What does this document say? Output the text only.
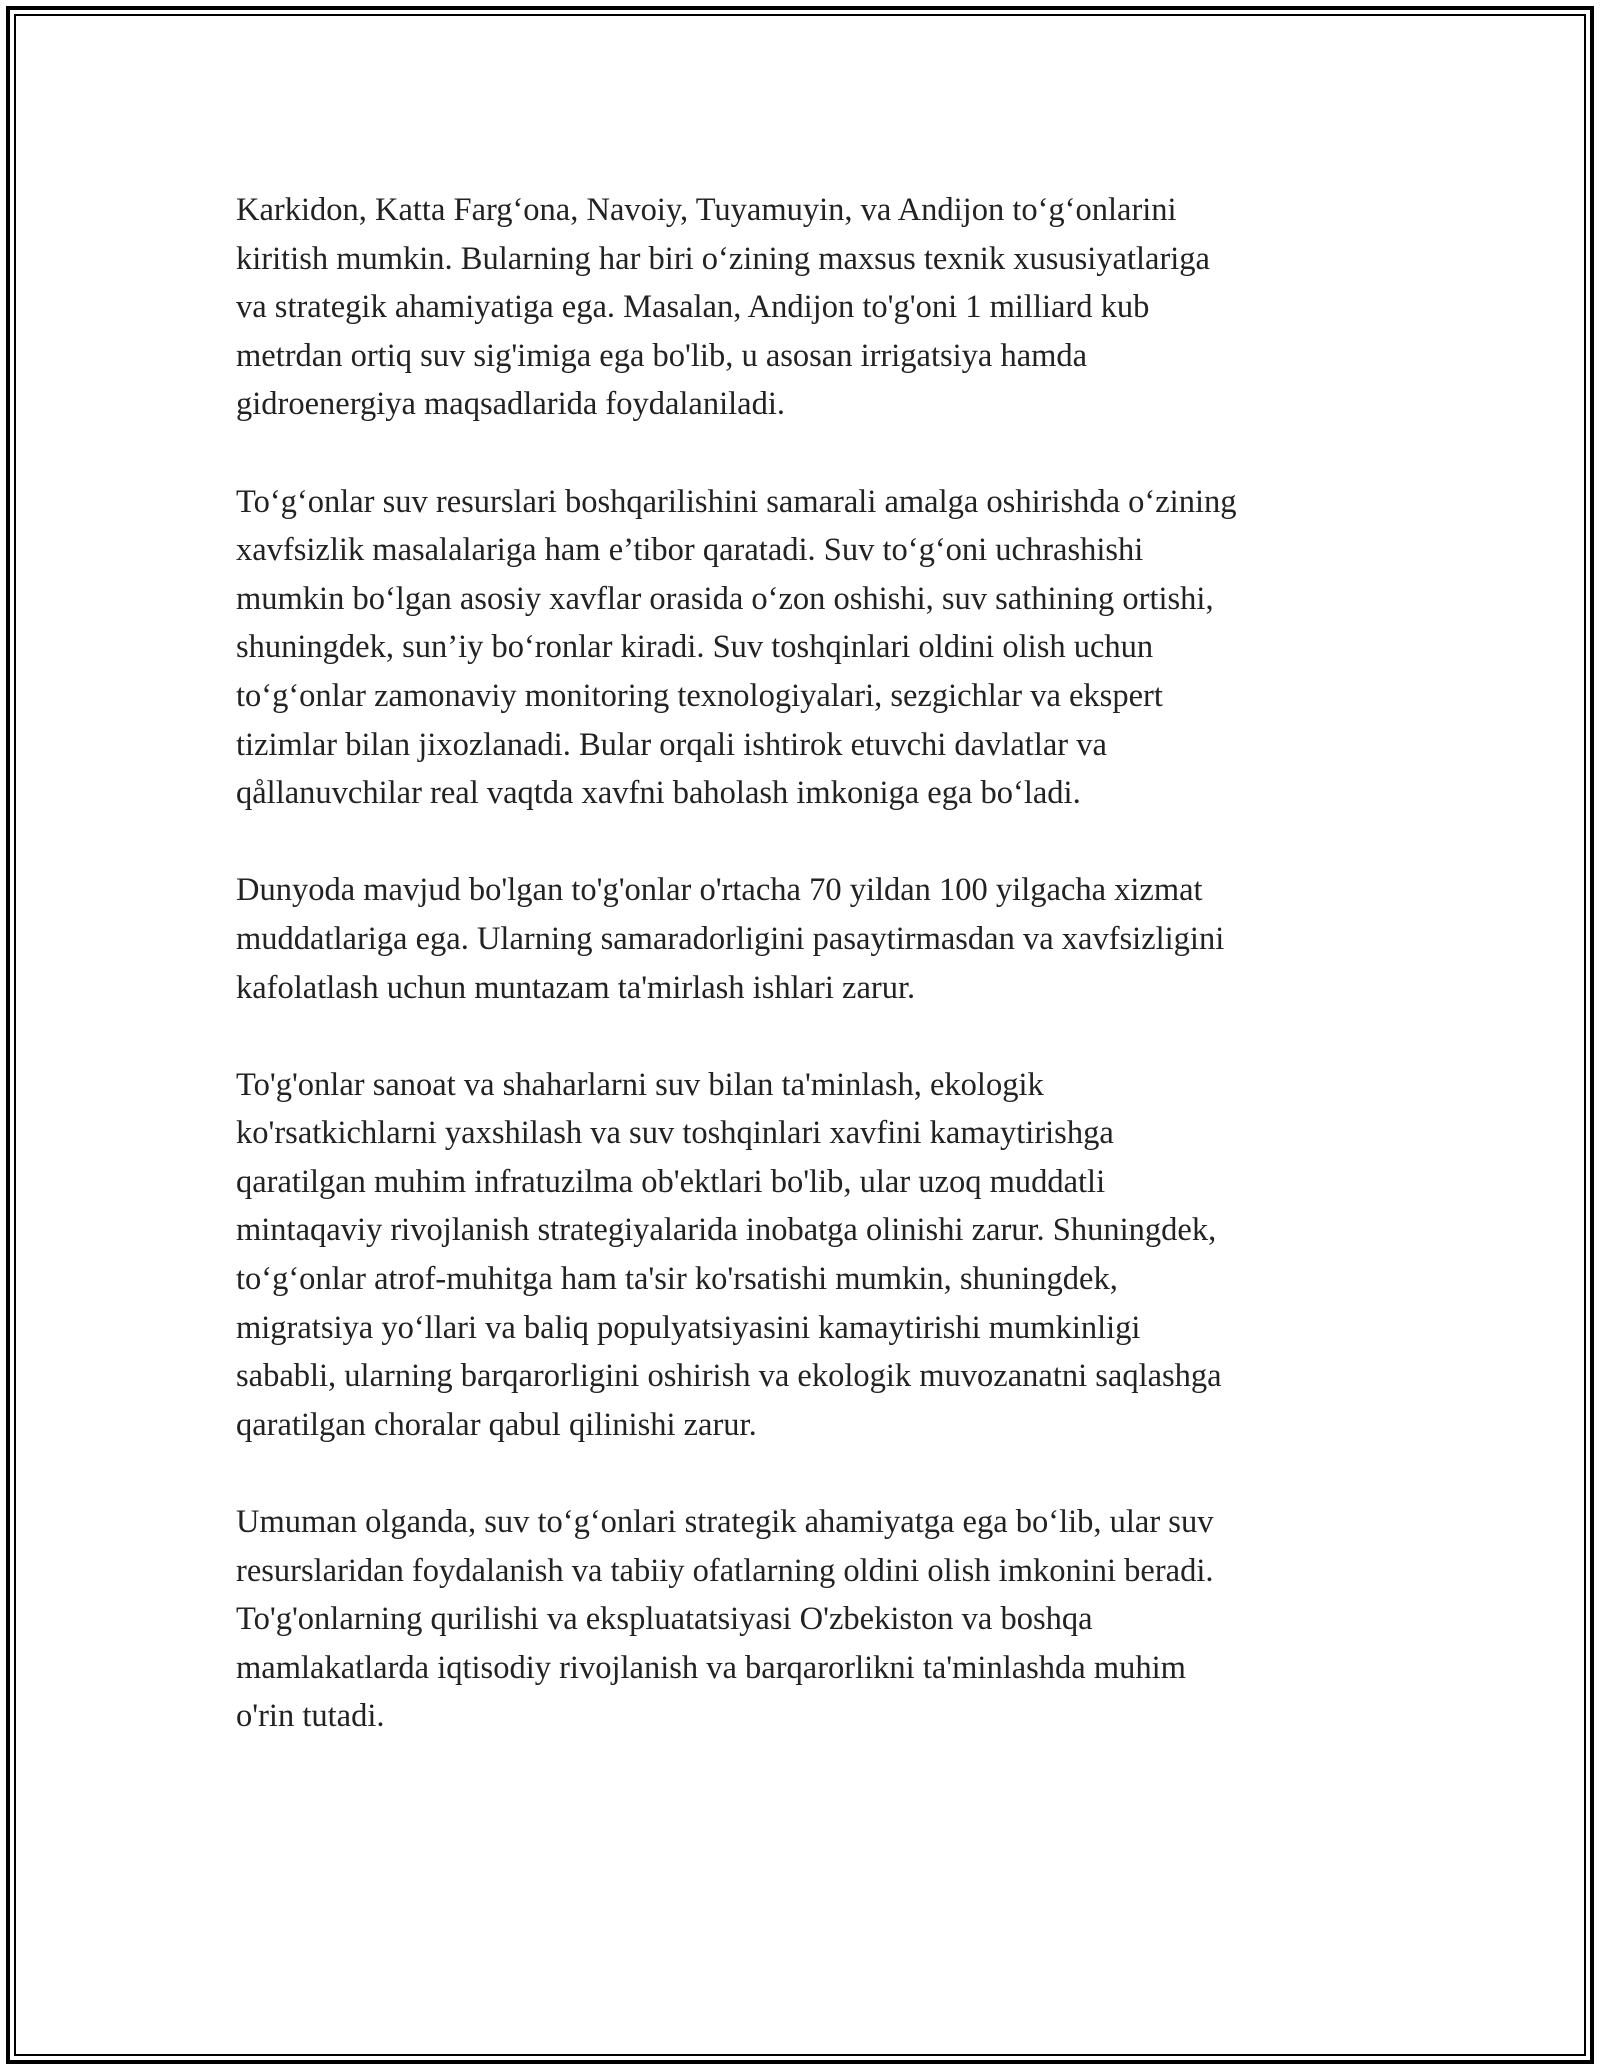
Karkidon, Katta Farg‘ona, Navoiy, Tuyamuyin, va Andijon to‘g‘onlarini
kiritish mumkin. Bularning har biri o‘zining maxsus texnik xususiyatlariga
va strategik ahamiyatiga ega. Masalan, Andijon to'g'oni 1 milliard kub
metrdan ortiq suv sig'imiga ega bo'lib, u asosan irrigatsiya hamda
gidroenergiya maqsadlarida foydalaniladi.

To‘g‘onlar suv resurslari boshqarilishini samarali amalga oshirishda o‘zining
xavfsizlik masalalariga ham e’tibor qaratadi. Suv to‘g‘oni uchrashishi
mumkin bo‘lgan asosiy xavflar orasida o‘zon oshishi, suv sathining ortishi,
shuningdek, sun’iy bo‘ronlar kiradi. Suv toshqinlari oldini olish uchun
to‘g‘onlar zamonaviy monitoring texnologiyalari, sezgichlar va ekspert
tizimlar bilan jixozlanadi. Bular orqali ishtirok etuvchi davlatlar va
qållanuvchilar real vaqtda xavfni baholash imkoniga ega bo‘ladi.

Dunyoda mavjud bo'lgan to'g'onlar o'rtacha 70 yildan 100 yilgacha xizmat
muddatlariga ega. Ularning samaradorligini pasaytirmasdan va xavfsizligini
kafolatlash uchun muntazam ta'mirlash ishlari zarur.

To'g'onlar sanoat va shaharlarni suv bilan ta'minlash, ekologik
ko'rsatkichlarni yaxshilash va suv toshqinlari xavfini kamaytirishga
qaratilgan muhim infratuzilma ob'ektlari bo'lib, ular uzoq muddatli
mintaqaviy rivojlanish strategiyalarida inobatga olinishi zarur. Shuningdek,
to‘g‘onlar atrof-muhitga ham ta'sir ko'rsatishi mumkin, shuningdek,
migratsiya yo‘llari va baliq populyatsiyasini kamaytirishi mumkinligi
sababli, ularning barqarorligini oshirish va ekologik muvozanatni saqlashga
qaratilgan choralar qabul qilinishi zarur.

Umuman olganda, suv to‘g‘onlari strategik ahamiyatga ega bo‘lib, ular suv
resurslaridan foydalanish va tabiiy ofatlarning oldini olish imkonini beradi.
To'g'onlarning qurilishi va ekspluatatsiyasi O'zbekiston va boshqa
mamlakatlarda iqtisodiy rivojlanish va barqarorlikni ta'minlashda muhim
o'rin tutadi.
